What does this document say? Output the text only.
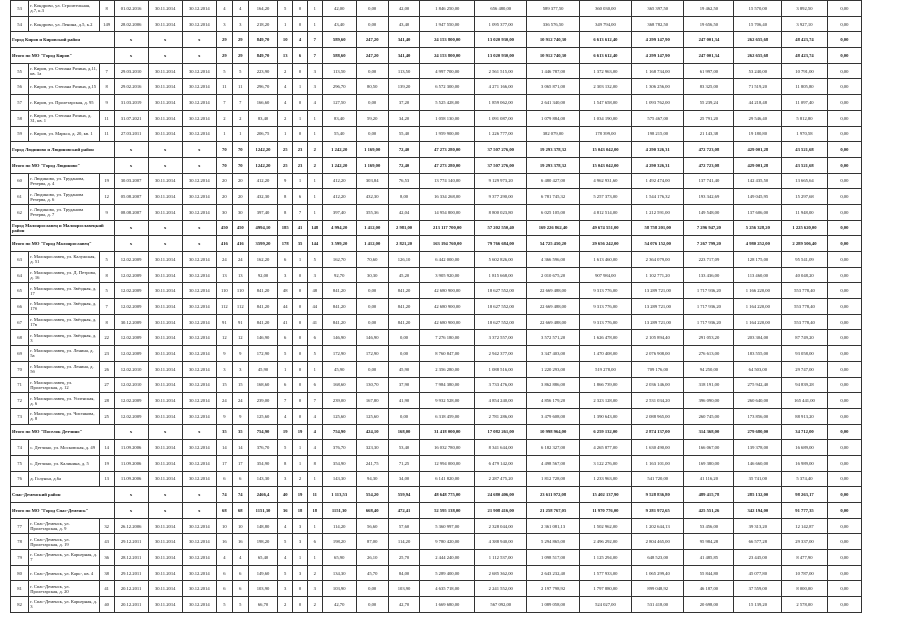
53	г. Кондрово, ул. Строительная, д.7, к.3	8	01.02.2016	30.11.2014	30.12.2014	4	4	164,20	5	0	1	42,00	0,00	42,00	1 846 250,00	656 480,00	589 377,50	360 030,00	365 397,50	19 462,50	15 570,00	3 892,50	0,00
54	г. Кондрово, ул. Ленина, д.5, к.2	149	28.02.2006	30.11.2014	30.12.2014	3	3	218,20	1	0	1	43,40	0,00	43,40	1 947 550,00	1 095 377,00	336 576,50	349 794,00	368 782,50	19 656,50	15 706,40	3 927,10	0,00
Город Киров и Кировский район			x	x	x	29	29	849,70	10	4	7	589,60	247,20	341,40	24 153 800,00	13 020 930,00	10 912 740,30	6 613 612,40	4 299 147,90	247 001,34	262 655,68	48 423,74	0,00
Итого по МО "Город Киров"			x	x	x	29	29	849,70	13	6	7	588,60	247,20	341,40	24 153 800,00	13 020 930,00	10 912 740,30	6 613 612,40	4 299 147,90	247 001,34	262 655,68	48 423,74	0,00
55	г. Киров, ул. Степана Разина, д.11, кв. 1а	7	29.03.2010	30.11.2014	30.12.2014	5	5	223,90	2	0	3	113,50	0,00	113,50	4 997 700,00	2 561 515,00	1 446 787,00	1 372 963,00	1 168 734,00	61 997,00	53 240,00	10 791,00	0,00
56	г. Киров, ул. Степана Разина, д.15	8	29.02.2016	30.11.2014	30.12.2014	11	11	296,70	4	1	3	296,70	80,50	139,20	6 572 300,00	4 271 166,00	3 065 871,00	2 303 132,00	1 306 256,00	83 325,00	71 519,20	11 805,80	0,00
57	г. Киров, ул. Пролетарская, д. 95	9	31.03.2019	30.11.2014	30.12.2014	7	7	166,60	4	0	4	127,50	0,00	37,20	5 525 428,00	1 859 062,00	2 641 340,00	1 547 658,00	1 093 762,00	55 239,24	44 218,48	11 097,40	0,00
58	г. Киров, ул. Степана Разина, д. 31, кв. 1	11	31.07.2021	30.11.2014	30.12.2014	2	2	83,40	2	1	1	83,40	59,20	34,20	1 058 130,00	1 091 087,00	1 079 884,00	1 034 190,00	575 467,00	25 791,20	29 546,40	5 812,80	0,00
59	г. Киров, ул. Маркса, д. 20, кв. 1	11	27.03.2011	30.11.2014	30.12.2014	1	1	206,75	1	0	1	55,40	0,00	55,40	1 959 900,00	1 226 777,00	382 079,00	178 399,00	198 215,00	21 143,38	19 180,80	1 970,58	0,00
Город Людиново и Людиновский район			x	x	x	70	70	1242,20	25	23	2	1 242,20	1 169,00	72,40	47 273 280,00	37 507 276,00	19 293 378,32	15 043 042,00	4 290 326,31	472 723,08	429 001,28	43 521,68	0,00
Итого по МО "Город Людиново"			x	x	x	70	70	1242,20	25	23	2	1 242,20	1 169,00	72,40	47 273 280,00	37 507 276,00	19 293 378,32	15 043 042,00	4 290 326,31	472 723,08	429 001,28	43 521,68	0,00
60	г. Людиново, ул. Труданова, Резерва, д. 4	19	30.03.2007	30.11.2014	30.12.2014	20	20	412,20	9	1	1	412,20	303,84	76,53	13 774 140,00	9 129 973,20	6 480 427,00	4 962 931,60	1 492 474,00	137 741,40	142 435,50	13 665,64	0,00
61	г. Людиново, ул. Труданова Резерва, д. 6	12	05.08.2007	30.11.2014	30.12.2014	20	20	432,30	8	6	1	412,20	432,30	8,00	16 334 268,00	9 377 290,00	6 781 745,32	5 257 373,00	1 544 176,32	193 342,69	149 045,95	15 297,68	0,00
62	г. Людиново, ул. Труданова Резерва, д. 7	9	08.08.2007	30.11.2014	30.12.2014	30	30	397,40	8	7	1	397,40	355,36	42,04	14 954 800,00	8 800 023,80	6 025 105,00	4 812 514,00	1 212 591,00	149 548,00	137 606,00	11 948,00	0,00
Город Малоярославец и Малоярославецкий район			x	x	x	450	450	4994,10	185	41	148	4 994,20	1 412,00	2 981,00	213 117 700,00	57 202 550,40	169 226 862,40	49 674 551,00	58 758 201,00	7 296 947,20	5 256 328,20	1 225 620,00	0,00
Итого по МО "Город Малоярославец"			x	x	x	416	416	3599,20	178	35	144	3 599,20	1 412,00	2 821,20	163 194 760,00	79 766 684,00	54 725 450,20	29 656 242,00	54 076 152,00	7 267 799,20	4 980 252,00	2 289 506,40	0,00
63	г. Малоярославец, ул. Калужская, д. 51	5	12.02.2009	30.11.2014	30.12.2014	24	24	162,20	6	1	5	162,70	70,60	126,10	6 442 000,00	5 602 826,00	4 366 596,00	1 613 460,00	2 364 079,00	223 717,09	128 175,00	95 541,09	0,00
64	г. Малоярославец, ул. Д. Петрова, д. 16	8	12.02.2009	30.11.2014	30.12.2014	13	13	92,00	3	0	3	92,70	30,30	45,20	3 905 920,00	1 815 668,00	2 010 675,20	907 984,00	1 102 771,20	133 436,00	113 460,00	40 048,20	0,00
65	г. Малоярославец, ул. Звёздная, д. 17	5	12.02.2009	30.11.2014	30.12.2014	110	110	841,20	48	0	48	841,20	0,00	841,20	42 680 900,00	18 627 552,00	22 669 488,00	9 313 776,00	13 289 721,00	1 717 936,20	1 166 220,00	553 778,40	0,00
66	г. Малоярославец, ул. Звёздная, д. 17б	7	12.02.2009	30.11.2014	30.12.2014	112	112	841,20	44	0	44	841,20	0,00	841,20	42 680 900,00	18 627 552,00	22 669 488,00	9 313 776,00	13 289 721,00	1 717 936,20	1 164 220,00	553 778,40	0,00
67	г. Малоярославец, ул. Звёздная, д. 17в	8	30.12.2009	30.11.2014	30.12.2014	91	91	841,20	41	0	41	841,20	0,00	841,20	42 680 900,00	18 627 552,00	22 669 488,00	9 313 776,00	13 289 721,00	1 717 936,20	1 164 220,00	553 778,40	0,00
68	г. Малоярославец, ул. Звёздная, д. 3	22	12.02.2009	30.11.2014	30.12.2014	12	12	146,90	6	0	6	146,90	146,90	0,00	7 276 180,00	3 372 557,00	3 572 571,20	1 626 478,00	2 105 894,40	291 053,20	203 304,00	87 749,20	0,00
69	г. Малоярославец, ул. Ленина, д. 5а	23	12.02.2009	30.11.2014	30.12.2014	9	9	172,90	5	0	5	172,90	172,90	0,00	8 760 847,00	2 942 377,00	3 347 403,00	1 470 408,00	2 076 908,00	276 613,00	183 555,00	93 058,00	0,00
70	г. Малоярославец, ул. Ленина, д. 5б	26	12.02.2010	30.11.2014	30.12.2014	3	3	45,90	1	0	1	45,90	0,00	45,90	2 356 280,00	1 088 516,00	1 220 293,00	519 278,00	709 176,00	94 250,00	64 503,00	29 747,00	0,00
71	г. Малоярославец, ул. Пролетарская, д. 12	27	12.02.2010	30.11.2014	30.12.2014	15	15	168,60	6	0	6	168,60	130,70	37,90	7 984 380,00	3 733 476,00	3 862 886,00	1 866 739,00	2 036 146,00	318 191,00	275 942,40	94 839,28	0,00
72	г. Малоярославец, ул. Успенская, д. 6	28	12.02.2009	30.11.2014	30.12.2014	24	24	239,00	7	0	7	239,00	167,80	41,90	9 932 528,00	4 854 240,00	4 856 179,20	2 323 128,00	2 531 034,20	396 090,00	260 640,00	165 441,00	0,00
73	г. Малоярославец, ул. Чистякова, д. 8	25	12.02.2009	30.11.2014	30.12.2014	9	9	125,60	4	0	4	125,60	125,60	0,00	6 318 459,00	2 781 286,00	3 479 608,00	1 390 643,00	2 088 965,00	260 745,00	173 856,00	88 913,20	0,00
Итого по МО "Поселок Детчино"			x	x	x	35	35	754,90	19	19	4	754,90	424,10	168,00	31 418 000,00	17 082 261,00	10 998 964,00	6 259 132,00	2 874 137,00	314 368,00	279 680,00	34 712,00	0,00
74	с. Детчино, ул. Московская, д. 49	14	11.09.2006	30.11.2014	30.12.2014	14	14	376,70	5	1	4	376,70	323,30	53,40	16 032 780,00	8 341 644,00	6 182 327,00	4 265 877,00	1 630 490,00	166 067,00	139 378,00	16 689,00	0,00
75	с. Детчино, ул. Калинина, д. 5	19	11.09.2006	30.11.2014	30.12.2014	17	17	354,90	8	1	8	354,90	241,75	71,25	12 994 000,00	6 479 142,00	4 498 567,00	3 122 276,00	1 163 101,00	169 380,00	146 660,00	16 989,00	0,00
76	д. Голуньи, д.6а	13	11.09.2006	30.11.2014	30.12.2014	6	6	143,30	3	2	1	143,30	94,30	34,00	6 141 820,00	2 287 475,20	1 812 728,00	1 233 963,00	541 720,00	41 116,20	35 741,00	5 374,40	0,00
Спас-Деменский район			x	x	x	74	74	2466,4	40	19	11	1 113,53	554,20	559,94	48 648 775,00	24 680 406,00	23 611 972,08	15 402 137,90	9 528 836,80	489 415,78	285 132,00	98 263,17	0,00
Итого по МО "Город Спас-Деменск"			x	x	x	68	68	1151,30	36	18	18	1151,30	668,40	472,41	52 595 138,00	21 908 416,00	21 258 767,05	11 970 776,00	9 281 972,65	425 551,26	342 194,00	91 777,35	0,00
77	г. Спас-Деменск, ул. Пролетарская, д. 9	32	26.12.2006	30.11.2014	30.12.2014	10	10	148,80	4	3	1	114,20	56,60	57,60	5 360 997,00	2 328 044,00	2 361 081,13	1 502 962,00	1 202 644,13	53 456,00	39 313,20	12 142,87	0,00
78	г. Спас-Деменск, ул. Пролетарская, д. 19	43	29.12.2011	30.11.2014	30.12.2014	16	16	198,20	5	3	6	198,20	87,00	114,20	9 780 420,00	4 388 940,00	5 294 865,00	2 496 292,00	2 804 465,00	95 984,28	66 577,28	29 337,00	0,00
79	г. Спас-Деменск, ул. Карьерная, д. 7	36	28.12.2011	30.11.2014	30.12.2014	4	4	65,40	4	1	1	65,90	26,10	25,70	2 444 240,00	1 112 537,00	1 098 517,00	1 125 294,00	648 523,00	41 485,85	23 445,00	8 477,90	0,00
80	г. Спас-Деменск, ул. Карь-, кв. 4	38	29.12.2011	30.11.2014	30.12.2014	6	6	149,60	5	3	2	134,30	45,70	84,00	5 289 400,00	2 685 362,00	2 643 232,40	1 577 933,00	1 065 299,40	55 844,80	45 077,80	10 787,00	0,00
81	г. Спас-Деменск, ул. Пролетарская, д. 20	41	20.12.2011	30.11.2014	30.12.2014	6	6	103,90	3	0	3	103,90	0,00	103,90	4 635 718,00	2 241 552,00	2 197 798,92	1 797 880,00	899 048,92	46 187,00	37 559,00	8 000,00	0,00
82	г. Спас-Деменск, ул. Карьерная, д. 3	40	20.12.2011	30.11.2014	30.12.2014	5	5	66,70	2	0	2	42,70	0,00	42,70	1 669 680,00	567 092,00	1 089 058,00	524 027,00	531 418,00	20 698,00	15 139,20	2 578,00	0,00
